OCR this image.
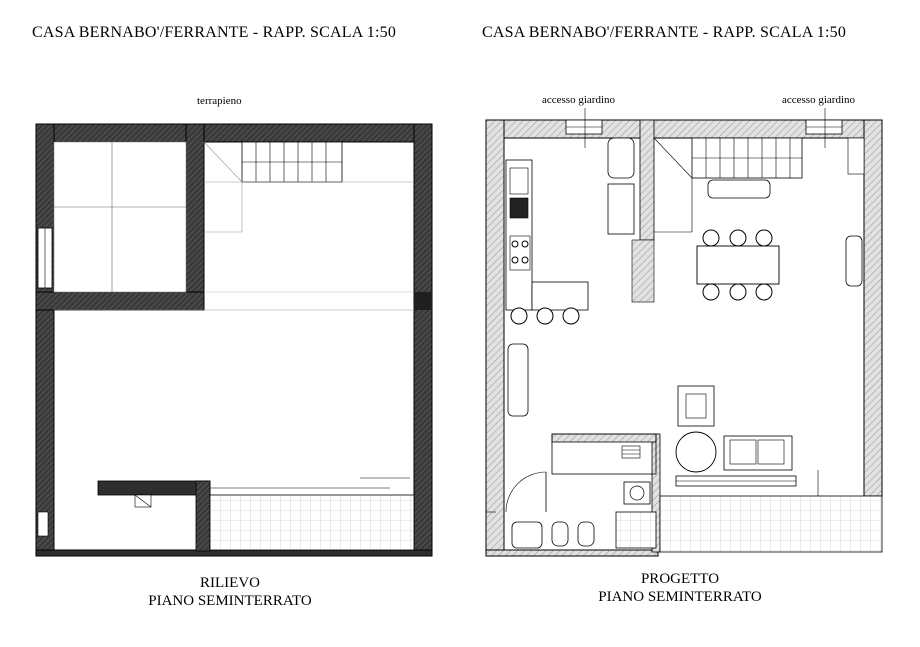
CASA BERNABO'/FERRANTE - RAPP. SCALA 1:50	CASA BERNABO'/FERRANTE - RAPP. SCALA 1:50
terrapieno	accesso giardino	accesso giardino
RILIEVO
PIANO SEMINTERRATO
PROGETTO
PIANO SEMINTERRATO
